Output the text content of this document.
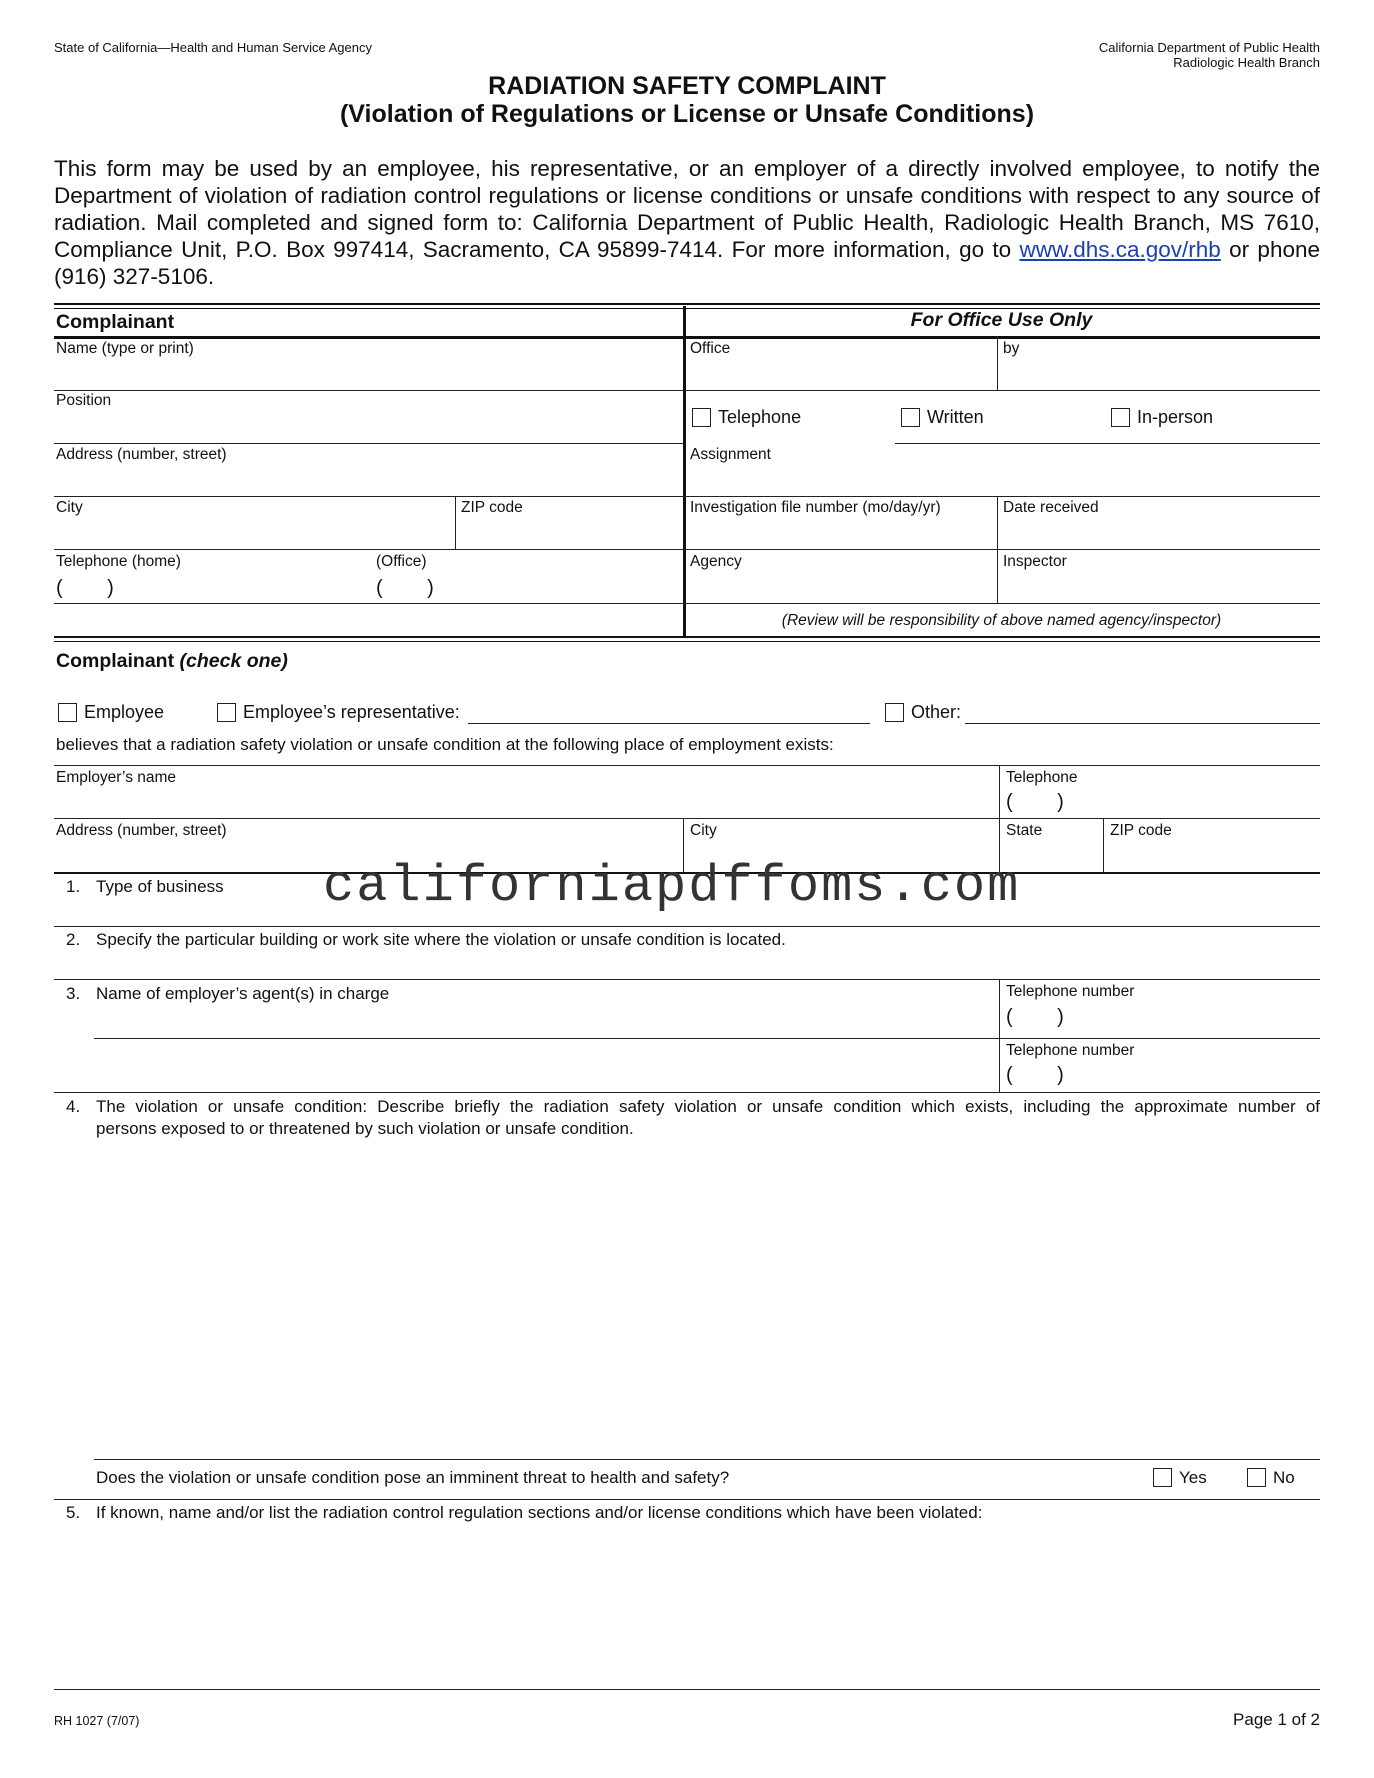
State of California—Health and Human Service Agency	California Department of Public Health
Radiologic Health Branch
RADIATION SAFETY COMPLAINT
(Violation of Regulations or License or Unsafe Conditions)
This form may be used by an employee, his representative, or an employer of a directly involved employee, to notify the
Department of violation of radiation control regulations or license conditions or unsafe conditions with respect to any source of
radiation. Mail completed and signed form to: California Department of Public Health, Radiologic Health Branch, MS 7610,
Compliance Unit, P.O. Box 997414, Sacramento, CA 95899-7414. For more information, go to www.dhs.ca.gov/rhb or phone
(916) 327-5106.
Complainant	For Office Use Only
Name (type or print)
Position
Address (number, street)
City	ZIP code
Telephone (home)
(        )
(Office)
(        )
Office	by
Telephone	Written	In-person
Assignment
Investigation file number (mo/day/yr)	Date received
Agency	Inspector
(Review will be responsibility of above named agency/inspector)
Complainant (check one)
Employee	Employee’s representative:	Other:
believes that a radiation safety violation or unsafe condition at the following place of employment exists:
Employer’s name	Telephone
(        )
Address (number, street)	City	State	ZIP code
1. Type of business californiapdffoms.com
2. Specify the particular building or work site where the violation or unsafe condition is located.
3. Name of employer’s agent(s) in charge	Telephone number
(        )
Telephone number
(        )
4. The violation or unsafe condition: Describe briefly the radiation safety violation or unsafe condition which exists, including the approximate number of
persons exposed to or threatened by such violation or unsafe condition.
Does the violation or unsafe condition pose an imminent threat to health and safety?	Yes	No
5. If known, name and/or list the radiation control regulation sections and/or license conditions which have been violated:
RH 1027 (7/07)	Page 1 of 2
